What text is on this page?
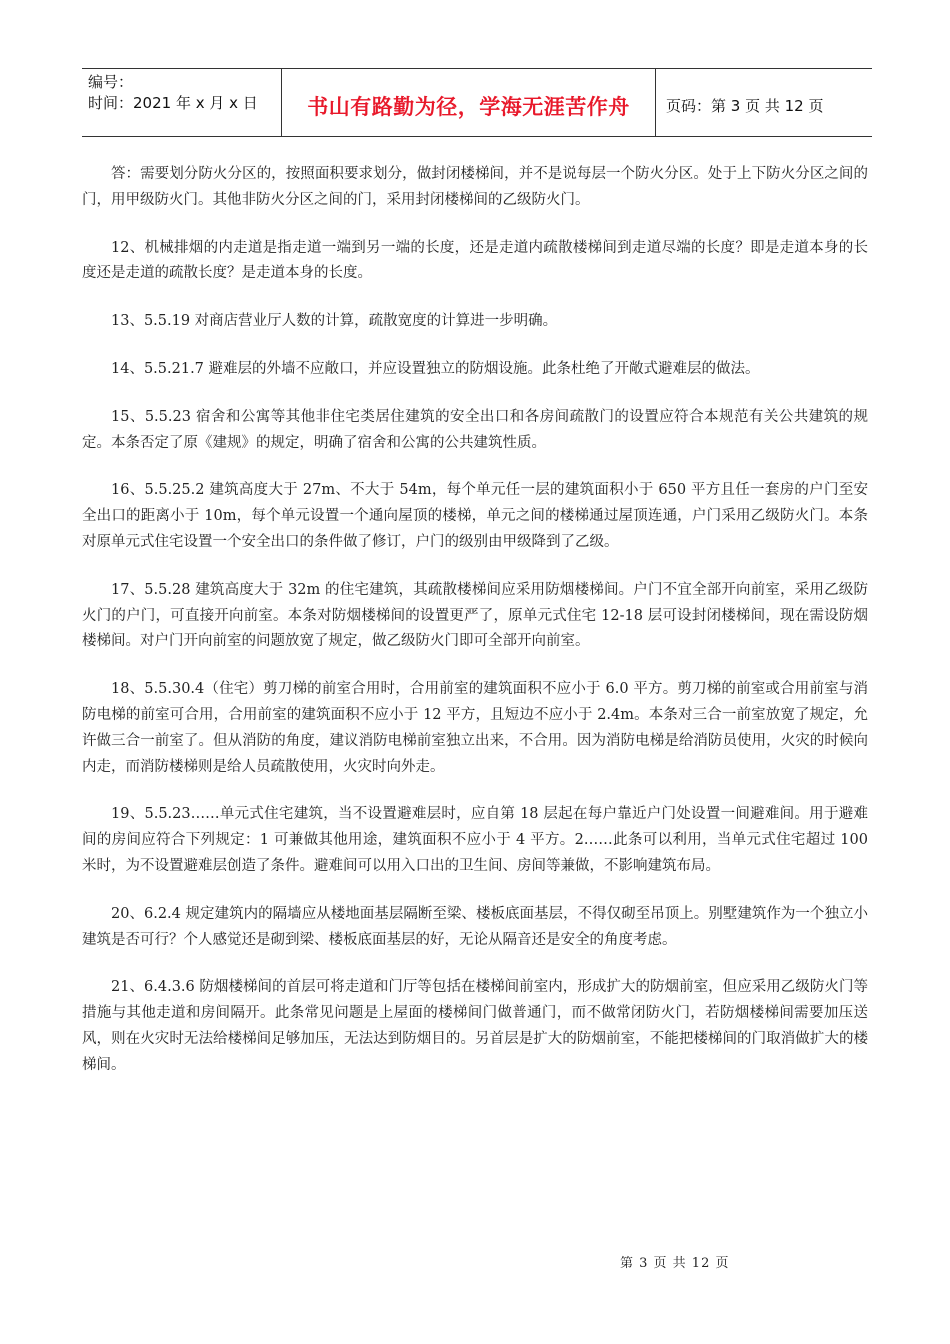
编号：
时间：2021 年 x 月 x 日	书山有路勤为径，学海无涯苦作舟	页码：第 3 页 共 12 页

答：需要划分防火分区的，按照面积要求划分，做封闭楼梯间，并不是说每层一个防火分区。处于上下防火分区之间的门，用甲级防火门。其他非防火分区之间的门，采用封闭楼梯间的乙级防火门。

12、机械排烟的内走道是指走道一端到另一端的长度，还是走道内疏散楼梯间到走道尽端的长度？即是走道本身的长度还是走道的疏散长度？是走道本身的长度。

13、5.5.19 对商店营业厅人数的计算，疏散宽度的计算进一步明确。

14、5.5.21.7 避难层的外墙不应敞口，并应设置独立的防烟设施。此条杜绝了开敞式避难层的做法。

15、5.5.23 宿舍和公寓等其他非住宅类居住建筑的安全出口和各房间疏散门的设置应符合本规范有关公共建筑的规定。本条否定了原《建规》的规定，明确了宿舍和公寓的公共建筑性质。

16、5.5.25.2 建筑高度大于 27m、不大于 54m，每个单元任一层的建筑面积小于 650 平方且任一套房的户门至安全出口的距离小于 10m，每个单元设置一个通向屋顶的楼梯，单元之间的楼梯通过屋顶连通，户门采用乙级防火门。本条对原单元式住宅设置一个安全出口的条件做了修订，户门的级别由甲级降到了乙级。

17、5.5.28 建筑高度大于 32m 的住宅建筑，其疏散楼梯间应采用防烟楼梯间。户门不宜全部开向前室，采用乙级防火门的户门，可直接开向前室。本条对防烟楼梯间的设置更严了，原单元式住宅 12-18 层可设封闭楼梯间，现在需设防烟楼梯间。对户门开向前室的问题放宽了规定，做乙级防火门即可全部开向前室。

18、5.5.30.4（住宅）剪刀梯的前室合用时，合用前室的建筑面积不应小于 6.0 平方。剪刀梯的前室或合用前室与消防电梯的前室可合用，合用前室的建筑面积不应小于 12 平方，且短边不应小于 2.4m。本条对三合一前室放宽了规定，允许做三合一前室了。但从消防的角度，建议消防电梯前室独立出来，不合用。因为消防电梯是给消防员使用，火灾的时候向内走，而消防楼梯则是给人员疏散使用，火灾时向外走。

19、5.5.23……单元式住宅建筑，当不设置避难层时，应自第 18 层起在每户靠近户门处设置一间避难间。用于避难间的房间应符合下列规定：1 可兼做其他用途，建筑面积不应小于 4 平方。2……此条可以利用，当单元式住宅超过 100 米时，为不设置避难层创造了条件。避难间可以用入口出的卫生间、房间等兼做，不影响建筑布局。

20、6.2.4 规定建筑内的隔墙应从楼地面基层隔断至梁、楼板底面基层，不得仅砌至吊顶上。别墅建筑作为一个独立小建筑是否可行？个人感觉还是砌到梁、楼板底面基层的好，无论从隔音还是安全的角度考虑。

21、6.4.3.6 防烟楼梯间的首层可将走道和门厅等包括在楼梯间前室内，形成扩大的防烟前室，但应采用乙级防火门等措施与其他走道和房间隔开。此条常见问题是上屋面的楼梯间门做普通门，而不做常闭防火门，若防烟楼梯间需要加压送风，则在火灾时无法给楼梯间足够加压，无法达到防烟目的。另首层是扩大的防烟前室，不能把楼梯间的门取消做扩大的楼梯间。

第 3 页 共 12 页
